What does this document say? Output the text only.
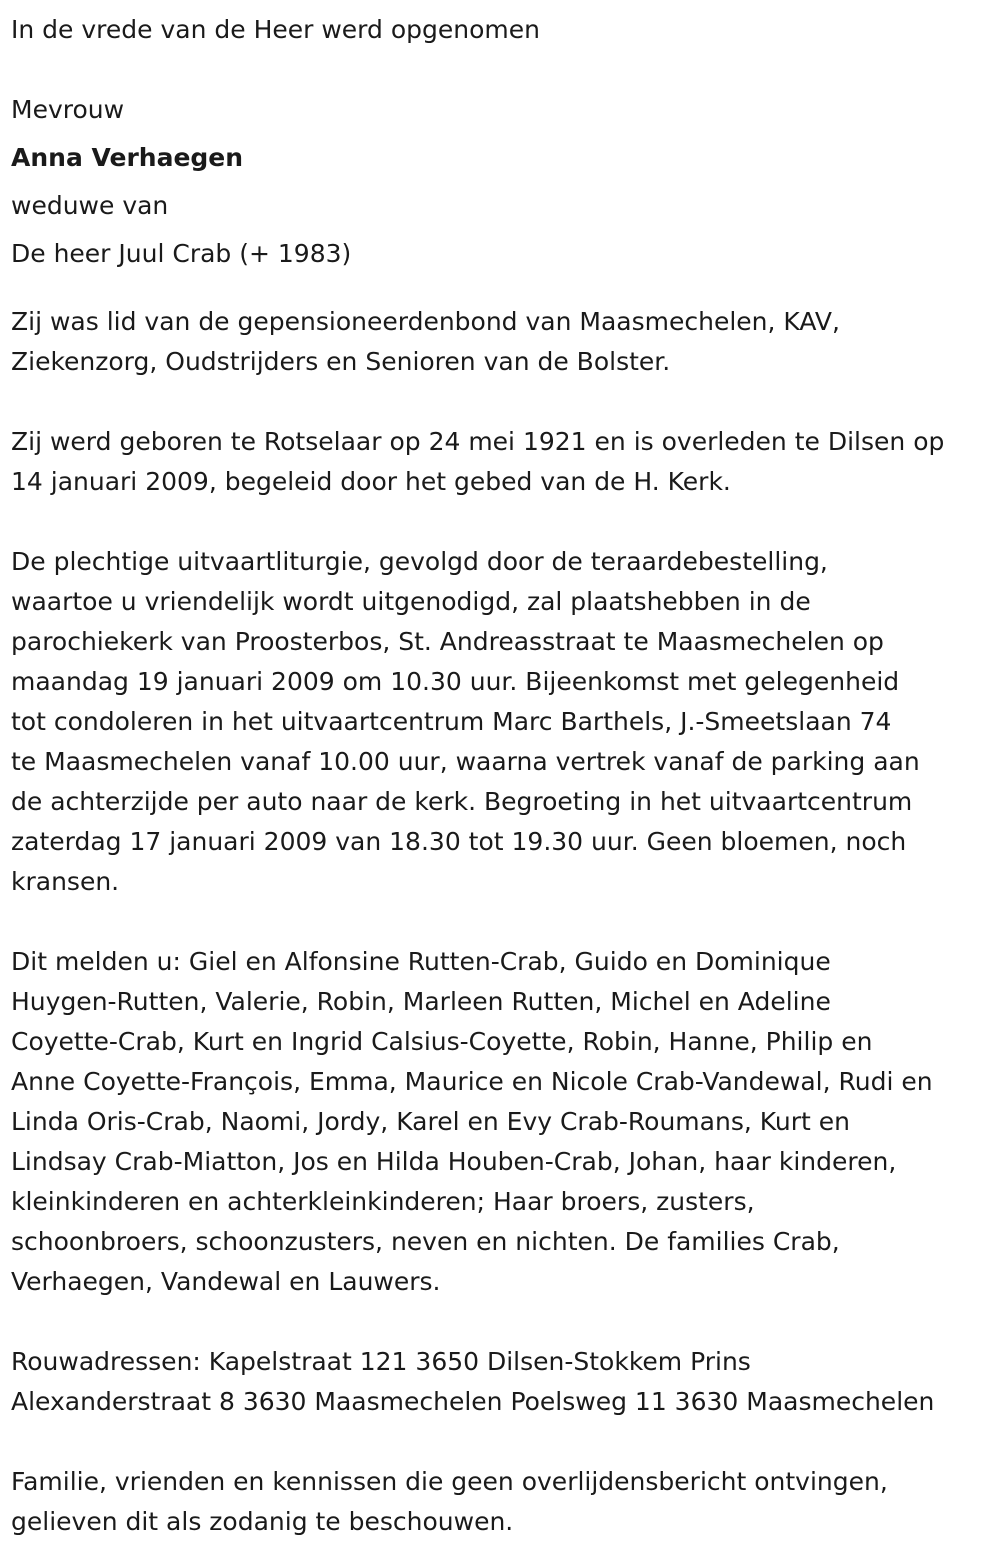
In de vrede van de Heer werd opgenomen

Mevrouw

Anna Verhaegen

weduwe van

De heer Juul Crab (+ 1983)

Zij was lid van de gepensioneerdenbond van Maasmechelen, KAV,
Ziekenzorg, Oudstrijders en Senioren van de Bolster.

Zij werd geboren te Rotselaar op 24 mei 1921 en is overleden te Dilsen op
14 januari 2009, begeleid door het gebed van de H. Kerk.

De plechtige uitvaartliturgie, gevolgd door de teraardebestelling,
waartoe u vriendelijk wordt uitgenodigd, zal plaatshebben in de
parochiekerk van Proosterbos, St. Andreasstraat te Maasmechelen op
maandag 19 januari 2009 om 10.30 uur. Bijeenkomst met gelegenheid
tot condoleren in het uitvaartcentrum Marc Barthels, J.-Smeetslaan 74
te Maasmechelen vanaf 10.00 uur, waarna vertrek vanaf de parking aan
de achterzijde per auto naar de kerk. Begroeting in het uitvaartcentrum
zaterdag 17 januari 2009 van 18.30 tot 19.30 uur. Geen bloemen, noch
kransen.

Dit melden u: Giel en Alfonsine Rutten-Crab, Guido en Dominique
Huygen-Rutten, Valerie, Robin, Marleen Rutten, Michel en Adeline
Coyette-Crab, Kurt en Ingrid Calsius-Coyette, Robin, Hanne, Philip en
Anne Coyette-François, Emma, Maurice en Nicole Crab-Vandewal, Rudi en
Linda Oris-Crab, Naomi, Jordy, Karel en Evy Crab-Roumans, Kurt en
Lindsay Crab-Miatton, Jos en Hilda Houben-Crab, Johan, haar kinderen,
kleinkinderen en achterkleinkinderen; Haar broers, zusters,
schoonbroers, schoonzusters, neven en nichten. De families Crab,
Verhaegen, Vandewal en Lauwers.

Rouwadressen: Kapelstraat 121 3650 Dilsen-Stokkem Prins
Alexanderstraat 8 3630 Maasmechelen Poelsweg 11 3630 Maasmechelen

Familie, vrienden en kennissen die geen overlijdensbericht ontvingen,
gelieven dit als zodanig te beschouwen.
